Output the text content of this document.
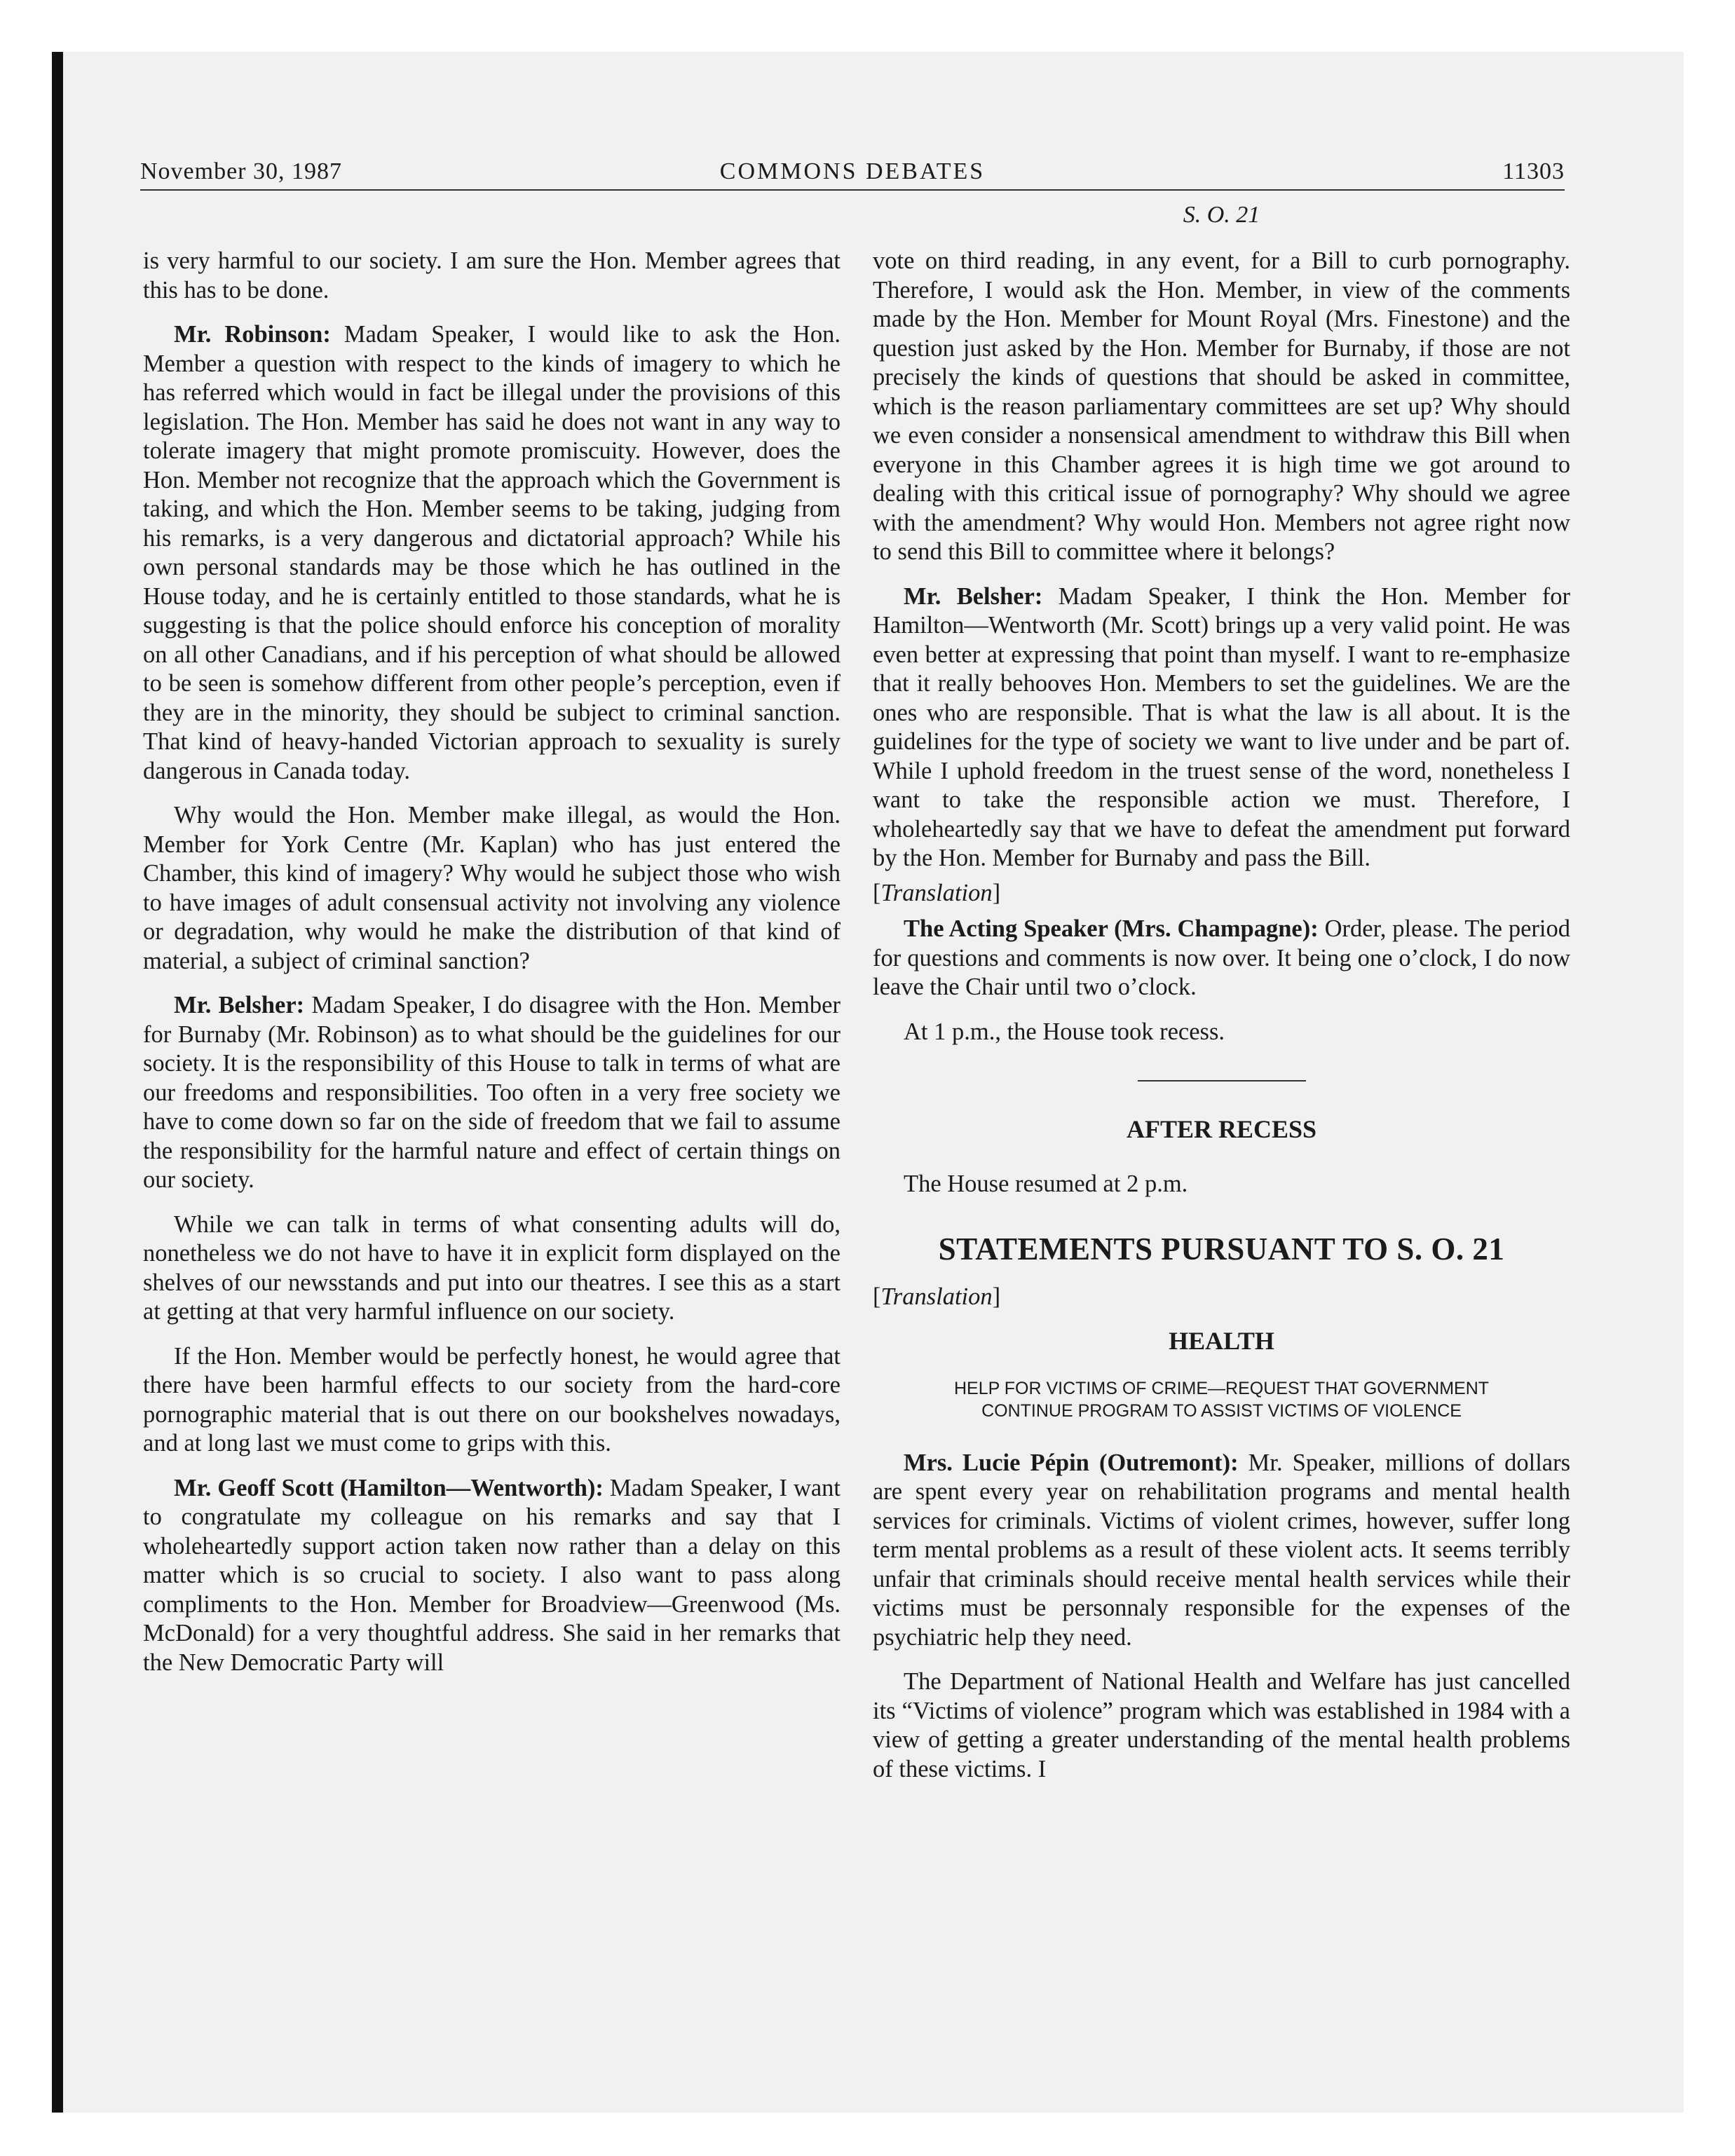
November 30, 1987	COMMONS DEBATES	11303
S. O. 21

is very harmful to our society. I am sure the Hon. Member agrees that this has to be done.

Mr. Robinson: Madam Speaker, I would like to ask the Hon. Member a question with respect to the kinds of imagery to which he has referred which would in fact be illegal under the provisions of this legislation. The Hon. Member has said he does not want in any way to tolerate imagery that might promote promiscuity. However, does the Hon. Member not recognize that the approach which the Government is taking, and which the Hon. Member seems to be taking, judging from his remarks, is a very dangerous and dictatorial approach? While his own personal standards may be those which he has outlined in the House today, and he is certainly entitled to those standards, what he is suggesting is that the police should enforce his conception of morality on all other Canadians, and if his perception of what should be allowed to be seen is somehow different from other people’s perception, even if they are in the minority, they should be subject to criminal sanction. That kind of heavy-handed Victorian approach to sexuality is surely dangerous in Canada today.

Why would the Hon. Member make illegal, as would the Hon. Member for York Centre (Mr. Kaplan) who has just entered the Chamber, this kind of imagery? Why would he subject those who wish to have images of adult consensual activity not involving any violence or degradation, why would he make the distribution of that kind of material, a subject of criminal sanction?

Mr. Belsher: Madam Speaker, I do disagree with the Hon. Member for Burnaby (Mr. Robinson) as to what should be the guidelines for our society. It is the responsibility of this House to talk in terms of what are our freedoms and responsibilities. Too often in a very free society we have to come down so far on the side of freedom that we fail to assume the responsibility for the harmful nature and effect of certain things on our society.

While we can talk in terms of what consenting adults will do, nonetheless we do not have to have it in explicit form displayed on the shelves of our newsstands and put into our theatres. I see this as a start at getting at that very harmful influence on our society.

If the Hon. Member would be perfectly honest, he would agree that there have been harmful effects to our society from the hard-core pornographic material that is out there on our bookshelves nowadays, and at long last we must come to grips with this.

Mr. Geoff Scott (Hamilton—Wentworth): Madam Speaker, I want to congratulate my colleague on his remarks and say that I wholeheartedly support action taken now rather than a delay on this matter which is so crucial to society. I also want to pass along compliments to the Hon. Member for Broadview—Greenwood (Ms. McDonald) for a very thoughtful address. She said in her remarks that the New Democratic Party will

vote on third reading, in any event, for a Bill to curb pornography. Therefore, I would ask the Hon. Member, in view of the comments made by the Hon. Member for Mount Royal (Mrs. Finestone) and the question just asked by the Hon. Member for Burnaby, if those are not precisely the kinds of questions that should be asked in committee, which is the reason parliamentary committees are set up? Why should we even consider a nonsensical amendment to withdraw this Bill when everyone in this Chamber agrees it is high time we got around to dealing with this critical issue of pornography? Why should we agree with the amendment? Why would Hon. Members not agree right now to send this Bill to committee where it belongs?

Mr. Belsher: Madam Speaker, I think the Hon. Member for Hamilton—Wentworth (Mr. Scott) brings up a very valid point. He was even better at expressing that point than myself. I want to re-emphasize that it really behooves Hon. Members to set the guidelines. We are the ones who are responsible. That is what the law is all about. It is the guidelines for the type of society we want to live under and be part of. While I uphold freedom in the truest sense of the word, nonetheless I want to take the responsible action we must. Therefore, I wholeheartedly say that we have to defeat the amendment put forward by the Hon. Member for Burnaby and pass the Bill.

[Translation]

The Acting Speaker (Mrs. Champagne): Order, please. The period for questions and comments is now over. It being one o’clock, I do now leave the Chair until two o’clock.

At 1 p.m., the House took recess.

AFTER RECESS

The House resumed at 2 p.m.

STATEMENTS PURSUANT TO S. O. 21
[Translation]
HEALTH
HELP FOR VICTIMS OF CRIME—REQUEST THAT GOVERNMENT
CONTINUE PROGRAM TO ASSIST VICTIMS OF VIOLENCE

Mrs. Lucie Pépin (Outremont): Mr. Speaker, millions of dollars are spent every year on rehabilitation programs and mental health services for criminals. Victims of violent crimes, however, suffer long term mental problems as a result of these violent acts. It seems terribly unfair that criminals should receive mental health services while their victims must be personnaly responsible for the expenses of the psychiatric help they need.

The Department of National Health and Welfare has just cancelled its “Victims of violence” program which was established in 1984 with a view of getting a greater understanding of the mental health problems of these victims. I
